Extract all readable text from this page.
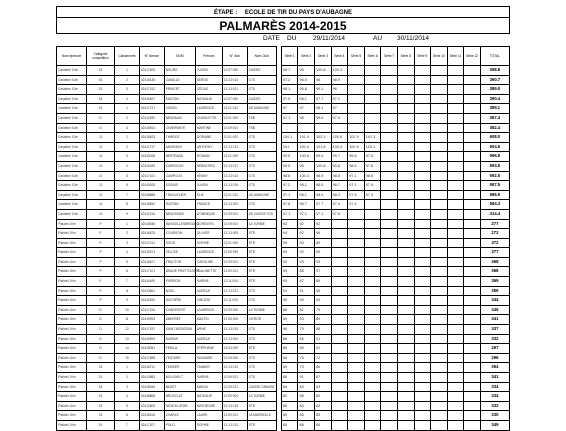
ÉTAPE : ECOLE DE TIR DU PAYS D'AUBAGNE
PALMARÈS 2014-2015
DATE DU	29/11/2014	AU 30/11/2014
Nom épreuve	Catégorie compétition	Classement	N° licence	NOM	Prénom	N° club	Nom Club		Série 1	Série 2	Série 3	Série 4	Série 5	Série 6	Série 7	Série 8	Série 9	Série 10	Série 11	Série 12	TOTAL
Carabine 10m	S1	1	02417625	BOURG	JULIEN	13 07 060	CASSIS		98.7	99	100.8	100.3									398.8
Carabine 10m	S1	2	02418135	CAVALLE	SERGE	13 13 013	CTS		97.2	96.6	98	98.9									390.7
Carabine 10m	S1	3	02417312	PRINCET	CÉCILE	13 13 021	CTS		98.1	95.8	99.1	96									389.0
Carabine 10m	S1	4	02416527	FANTON	NATHALIE	13 07 060	CASSIS		97.5	98.1	97.7	97.1									390.4
Carabine 10m	S1	1	02417727	VOISIN	LAURENCE	13 01 012	US AUBAGNE		97	97	98.1	97									389.1
Carabine 10m	D	2	02412930	BENSAADI	CHARLOTTE	13 01 009	TSB		97.1	98	99.6	97.4									387.4
Carabine 10m	D	3	02418923	CHARPANTE	MARTINE	13 09 001	TSB														382.4
Carabine 10m	J1	1	02415623	THIBODT	DORIANE	13 01 002	CTS		100.1	101.9	102.1	100.8	101.9	101.3							608.0
Carabine 10m	J1	2	02411737	ANDRIEUX	ANTHONY	13 13 013	CTS		101	100.4	101.8	100.3	100.9	100.1							604.5
Carabine 10m	J1	3	02415028	BERTRAND	ROMAIN	13 01 009	CTS		99.9	100.6	99.6	99.7	99.8	97.5							596.9
Carabine 10m	J1	4	02416339	CARROGLE	SÉBASTIEN	13 13 017	CTS		99.5	99	100.8	99.8	98.6	97.6							593.5
Carabine 10m	J1	5	02417421	CAMPOLIS	KENNY	13 13 013	CTS		98.8	100.3	98.5	98.8	97.1	98.6							592.5
Carabine 10m	J1	6	02415028	SOSAJE	JULIEN	13 13 015	CTS		97.2	98.1	98.5	98.7	97.1	97.9							587.5
Carabine 10m	J1	7	02418888	TRAOUCHER	ÉLIE	13 01 012	US AUBAGNE		97.1	98.1	98.5	98.3	97.5	97.3							586.9
Carabine 10m	J1	8	02418940	RUSTAN	FRANCK	13 13 003	CTS		97.8	96.7	97.7	97.4	97.4								584.3
Carabine 10m	J1	9	02412216	BEAUSSIAS	DOMINIQUE	13 09 001	US CASSIS TOS		97.1	97.1	97.1	97.6									414.4
Pistolet 10m	P	1	02418048	MARCELLESBROURO	CORENTIN	13 09 001	LA TURBIE		93	92	92										277
Pistolet 10m	P	2	02416578	COURSON	OLIVIER	13 13 009	STR		94	92	96										272
Pistolet 10m	P	3	02417012	SOUS	SOPHIE	13 01 009	STR		90	93	89										372
Pistolet 10m	P	4	02415074	FALCEE	LAURENCE	13 05 999	STR		93	92	95										377
Pistolet 10m	P	5	02416617	FRUCTOR	CAROLINE	13 09 001	STR		92	93	93										368
Pistolet 10m	P	6	02417101	BRAGE PRATTOURES	PAULINETTE	13 09 001	STR		93	88	97										368
Pistolet 10m	P	7	02414490	PIERRON	KARINE	13 11 004	STR		93	87	89										369
Pistolet 10m	P	8	02413661	NOEL	AURÉLIE	13 13 021	CTS		91	91	96										356
Pistolet 10m	P	9	02416290	DUCHÉRE	VINCENT	13 11 000	CTS		90	93	94										344
Pistolet 10m	D	10	02417316	CHARPENTE	LAURENCE	13 09 005	LA TURBIE		88	81	79										345
Pistolet 10m	D	11	02419093	ABEHREF	MAZTIN	13 05 005	VICROR		89	93	89										341
Pistolet 10m	D	12	02417157	SAINT-MODESSA	ARNE	13 13 013	CTS		96	79	88										337
Pistolet 10m	D	13	02416993	DUROIS	AURÉLIE	13 13 004	CTS		86	85	91										332
Pistolet 10m	D	14	02418051	FENILA	STÉPHANE	13 04 009	STR		88	89	91										297
Pistolet 10m	D	15	02417888	TESTARD	SUZANNE	13 05 005	CTS		84	75	72										296
Pistolet 10m	S1	1	02418711	TESSIER	TANNER	13 13 013	CTS		89	79	86										354
Pistolet 10m	S1	2	02413883	BOUCHELT	KARINE	13 09 021	CTS		86	91	87										341
Pistolet 10m	S1	3	02418046	BEUET	MAEVA	13 09 021	CAISSE GRASSE		84	83	83										334
Pistolet 10m	S1	4	02418866	BRUSCLAT	NATHALIE	13 09 004	LA TURBIE		82	86	82										334
Pistolet 10m	S1	5	02412808	HENCKLOFAR	MATHIEUSE	13 13 019	STR		86	84	83										332
Pistolet 10m	S1	6	02418016	CHARLE	LAURE	13 09 001	LA MARSEILLE		85	86	85										330
Pistolet 10m	S1	7	02417207	POLO	SOPHIE	13 13 013	STR		85	88	84										349
